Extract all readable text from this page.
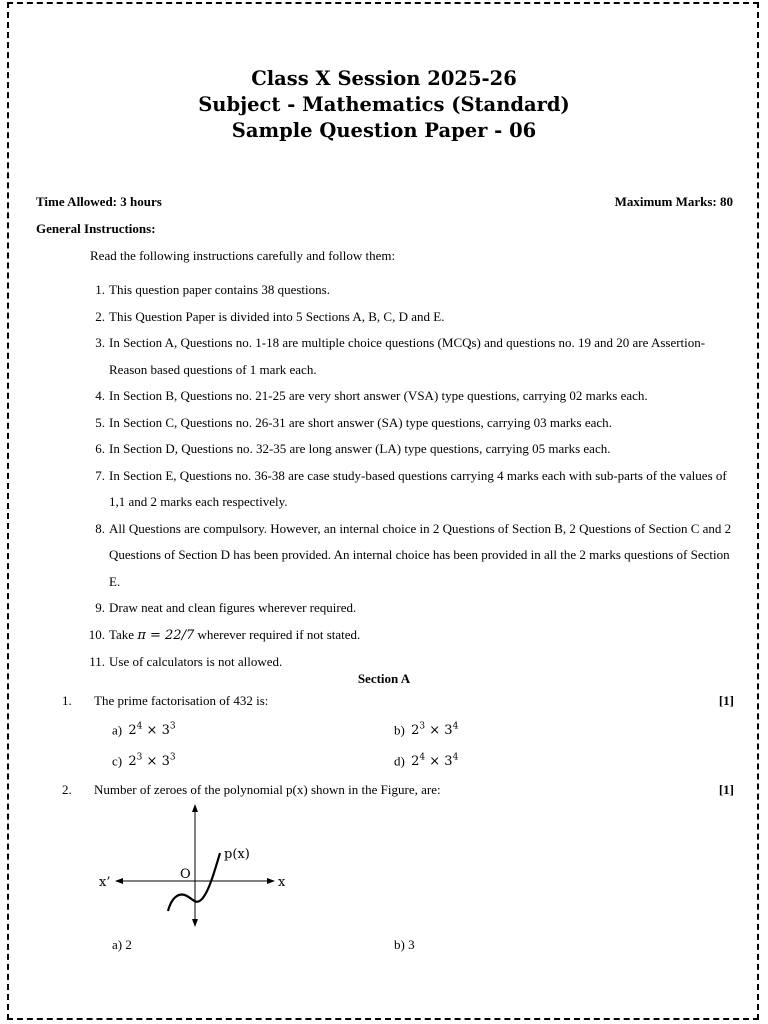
Class X Session 2025-26
Subject - Mathematics (Standard)
Sample Question Paper - 06
Time Allowed: 3 hours	Maximum Marks: 80
General Instructions:
Read the following instructions carefully and follow them:
1. This question paper contains 38 questions.
2. This Question Paper is divided into 5 Sections A, B, C, D and E.
3. In Section A, Questions no. 1-18 are multiple choice questions (MCQs) and questions no. 19 and 20 are Assertion-Reason based questions of 1 mark each.
4. In Section B, Questions no. 21-25 are very short answer (VSA) type questions, carrying 02 marks each.
5. In Section C, Questions no. 26-31 are short answer (SA) type questions, carrying 03 marks each.
6. In Section D, Questions no. 32-35 are long answer (LA) type questions, carrying 05 marks each.
7. In Section E, Questions no. 36-38 are case study-based questions carrying 4 marks each with sub-parts of the values of 1,1 and 2 marks each respectively.
8. All Questions are compulsory. However, an internal choice in 2 Questions of Section B, 2 Questions of Section C and 2 Questions of Section D has been provided. An internal choice has been provided in all the 2 marks questions of Section E.
9. Draw neat and clean figures wherever required.
10. Take π = 22/7 wherever required if not stated.
11. Use of calculators is not allowed.
Section A
1. The prime factorisation of 432 is:	[1]
a) $2^4 \times 3^3$	b) $2^3 \times 3^4$
c) $2^3 \times 3^3$	d) $2^4 \times 3^4$
2. Number of zeroes of the polynomial p(x) shown in the Figure, are:	[1]
x’	x
O
p(x)
a) 2	b) 3
